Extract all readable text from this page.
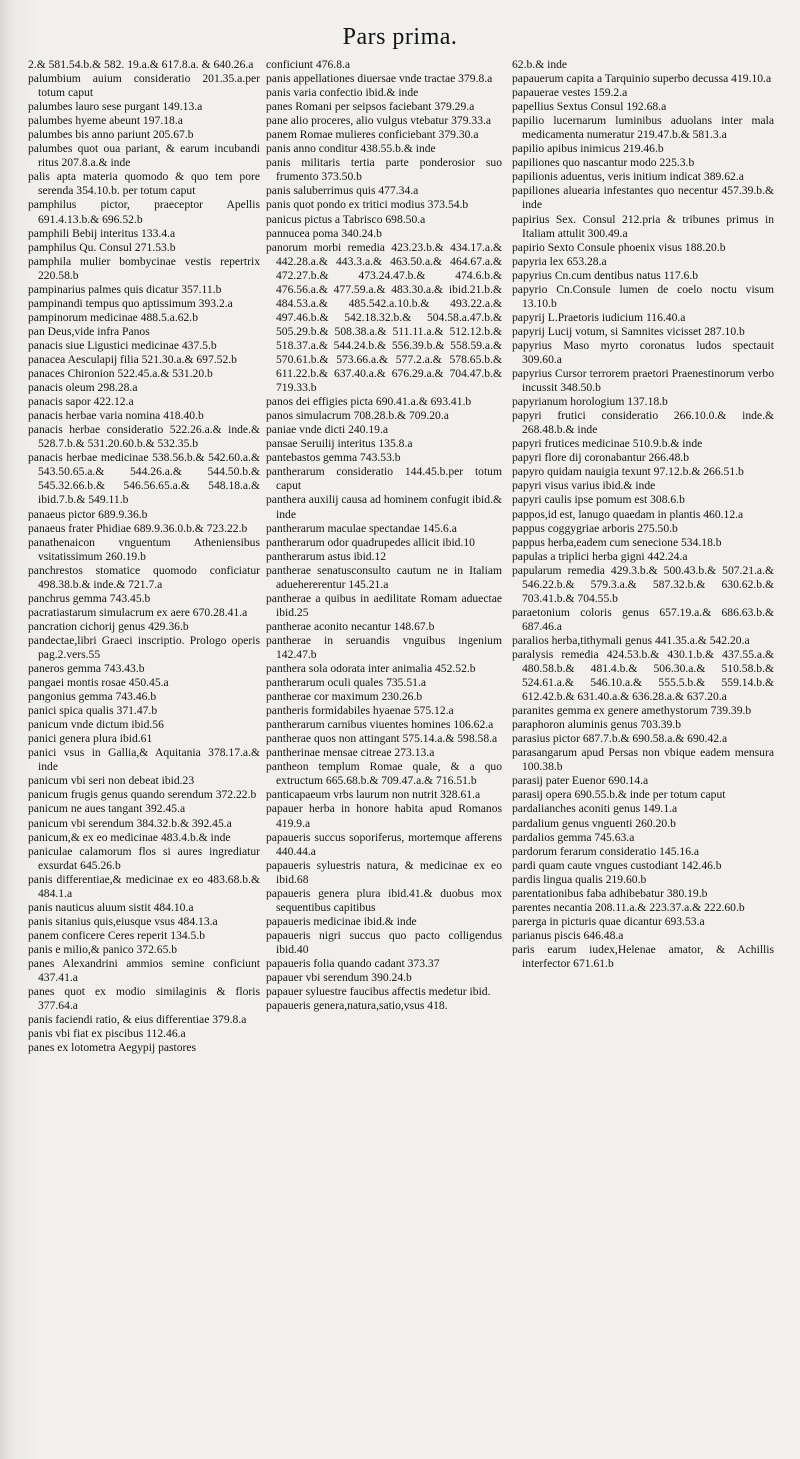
Pars prima.

2.& 581.54.b.& 582. 19.a.& 617.8.a. & 640.26.a

palumbium auium consideratio 201.35.a.per totum caput

palumbes lauro sese purgant 149.13.a

palumbes hyeme abeunt 197.18.a

palumbes bis anno pariunt 205.67.b

palumbes quot oua pariant, & earum incubandi ritus 207.8.a.& inde

palis apta materia quomodo & quo tem pore serenda 354.10.b. per totum caput

pamphilus pictor, praeceptor Apellis 691.4.13.b.& 696.52.b

pamphili Bebij interitus 133.4.a

pamphilus Qu. Consul 271.53.b

pamphila mulier bombycinae vestis repertrix 220.58.b

pampinarius palmes quis dicatur 357.11.b

pampinandi tempus quo aptissimum 393.2.a

pampinorum medicinae 488.5.a.62.b

pan Deus,vide infra Panos

panacis siue Ligustici medicinae 437.5.b

panacea Aesculapij filia 521.30.a.& 697.52.b

panaces Chironion 522.45.a.& 531.20.b

panacis oleum 298.28.a

panacis sapor 422.12.a

panacis herbae varia nomina 418.40.b

panacis herbae consideratio 522.26.a.& inde.& 528.7.b.& 531.20.60.b.& 532.35.b

panacis herbae medicinae 538.56.b.& 542.60.a.& 543.50.65.a.& 544.26.a.& 544.50.b.& 545.32.66.b.& 546.56.65.a.& 548.18.a.& ibid.7.b.& 549.11.b

panaeus pictor 689.9.36.b

panaeus frater Phidiae 689.9.36.0.b.& 723.22.b

panathenaicon vnguentum Atheniensibus vsitatissimum 260.19.b

panchrestos stomatice quomodo conficiatur 498.38.b.& inde.& 721.7.a

panchrus gemma 743.45.b

pacratiastarum simulacrum ex aere 670.28.41.a

pancration cichorij genus 429.36.b

pandectae,libri Graeci inscriptio. Prologo operis pag.2.vers.55

paneros gemma 743.43.b

pangaei montis rosae 450.45.a

pangonius gemma 743.46.b

panici spica qualis 371.47.b

panicum vnde dictum ibid.56

panici genera plura ibid.61

panici vsus in Gallia,& Aquitania 378.17.a.& inde

panicum vbi seri non debeat ibid.23

panicum frugis genus quando serendum 372.22.b

panicum ne aues tangant 392.45.a

panicum vbi serendum 384.32.b.& 392.45.a

panicum,& ex eo medicinae 483.4.b.& inde

paniculae calamorum flos si aures ingrediatur exsurdat 645.26.b

panis differentiae,& medicinae ex eo 483.68.b.& 484.1.a

panis nauticus aluum sistit 484.10.a

panis sitanius quis,eiusque vsus 484.13.a

panem conficere Ceres reperit 134.5.b

panis e milio,& panico 372.65.b

panes Alexandrini ammios semine conficiunt 437.41.a

panes quot ex modio similaginis & floris 377.64.a

panis faciendi ratio, & eius differentiae 379.8.a

panis vbi fiat ex piscibus 112.46.a

panes ex lotometra Aegypij pastores

conficiunt 476.8.a

panis appellationes diuersae vnde tractae 379.8.a

panis varia confectio ibid.& inde

panes Romani per seipsos faciebant 379.29.a

pane alio proceres, alio vulgus vtebatur 379.33.a

panem Romae mulieres conficiebant 379.30.a

panis anno conditur 438.55.b.& inde

panis militaris tertia parte ponderosior suo frumento 373.50.b

panis saluberrimus quis 477.34.a

panis quot pondo ex tritici modius 373.54.b

panicus pictus a Tabrisco 698.50.a

pannucea poma 340.24.b

panorum morbi remedia 423.23.b.& 434.17.a.& 442.28.a.& 443.3.a.& 463.50.a.& 464.67.a.& 472.27.b.& 473.24.47.b.& 474.6.b.& 476.56.a.& 477.59.a.& 483.30.a.& ibid.21.b.& 484.53.a.& 485.542.a.10.b.& 493.22.a.& 497.46.b.& 542.18.32.b.& 504.58.a.47.b.& 505.29.b.& 508.38.a.& 511.11.a.& 512.12.b.& 518.37.a.& 544.24.b.& 556.39.b.& 558.59.a.& 570.61.b.& 573.66.a.& 577.2.a.& 578.65.b.& 611.22.b.& 637.40.a.& 676.29.a.& 704.47.b.& 719.33.b

panos dei effigies picta 690.41.a.& 693.41.b

panos simulacrum 708.28.b.& 709.20.a

paniae vnde dicti 240.19.a

pansae Seruilij interitus 135.8.a

pantebastos gemma 743.53.b

pantherarum consideratio 144.45.b.per totum caput

panthera auxilij causa ad hominem confugit ibid.& inde

pantherarum maculae spectandae 145.6.a

pantherarum odor quadrupedes allicit ibid.10

pantherarum astus ibid.12

pantherae senatusconsulto cautum ne in Italiam aduehererentur 145.21.a

pantherae a quibus in aedilitate Romam aduectae ibid.25

pantherae aconito necantur 148.67.b

pantherae in seruandis vnguibus ingenium 142.47.b

panthera sola odorata inter animalia 452.52.b

pantherarum oculi quales 735.51.a

pantherae cor maximum 230.26.b

pantheris formidabiles hyaenae 575.12.a

pantherarum carnibus viuentes homines 106.62.a

pantherae quos non attingant 575.14.a.& 598.58.a

pantherinae mensae citreae 273.13.a

pantheon templum Romae quale, & a quo extructum 665.68.b.& 709.47.a.& 716.51.b

panticapaeum vrbs laurum non nutrit 328.61.a

papauer herba in honore habita apud Romanos 419.9.a

papaueris succus soporiferus, mortemque afferens 440.44.a

papaueris syluestris natura, & medicinae ex eo ibid.68

papaueris genera plura ibid.41.& duobus mox sequentibus capitibus

papaueris medicinae ibid.& inde

papaueris nigri succus quo pacto colligendus ibid.40

papaueris folia quando cadant 373.37

papauer vbi serendum 390.24.b

papauer syluestre faucibus affectis medetur ibid.

papaueris genera,natura,satio,vsus 418.

62.b.& inde

papauerum capita a Tarquinio superbo decussa 419.10.a

papauerae vestes 159.2.a

papellius Sextus Consul 192.68.a

papilio lucernarum luminibus aduolans inter mala medicamenta numeratur 219.47.b.& 581.3.a

papilio apibus inimicus 219.46.b

papiliones quo nascantur modo 225.3.b

papilionis aduentus, veris initium indicat 389.62.a

papiliones aluearia infestantes quo necentur 457.39.b.& inde

papirius Sex. Consul 212.pria & tribunes primus in Italiam attulit 300.49.a

papirio Sexto Consule phoenix visus 188.20.b

papyria lex 653.28.a

papyrius Cn.cum dentibus natus 117.6.b

papyrio Cn.Consule lumen de coelo noctu visum 13.10.b

papyrij L.Praetoris iudicium 116.40.a

papyrij Lucij votum, si Samnites vicisset 287.10.b

papyrius Maso myrto coronatus ludos spectauit 309.60.a

papyrius Cursor terrorem praetori Praenestinorum verbo incussit 348.50.b

papyrianum horologium 137.18.b

papyri frutici consideratio 266.10.0.& inde.& 268.48.b.& inde

papyri frutices medicinae 510.9.b.& inde

papyri flore dij coronabantur 266.48.b

papyro quidam nauigia texunt 97.12.b.& 266.51.b

papyri visus varius ibid.& inde

papyri caulis ipse pomum est 308.6.b

pappos,id est, lanugo quaedam in plantis 460.12.a

pappus coggygriae arboris 275.50.b

pappus herba,eadem cum senecione 534.18.b

papulas a triplici herba gigni 442.24.a

papularum remedia 429.3.b.& 500.43.b.& 507.21.a.& 546.22.b.& 579.3.a.& 587.32.b.& 630.62.b.& 703.41.b.& 704.55.b

paraetonium coloris genus 657.19.a.& 686.63.b.& 687.46.a

paralios herba,tithymali genus 441.35.a.& 542.20.a

paralysis remedia 424.53.b.& 430.1.b.& 437.55.a.& 480.58.b.& 481.4.b.& 506.30.a.& 510.58.b.& 524.61.a.& 546.10.a.& 555.5.b.& 559.14.b.& 612.42.b.& 631.40.a.& 636.28.a.& 637.20.a

paranites gemma ex genere amethystorum 739.39.b

paraphoron aluminis genus 703.39.b

parasius pictor 687.7.b.& 690.58.a.& 690.42.a

parasangarum apud Persas non vbique eadem mensura 100.38.b

parasij pater Euenor 690.14.a

parasij opera 690.55.b.& inde per totum caput

pardalianches aconiti genus 149.1.a

pardalium genus vnguenti 260.20.b

pardalios gemma 745.63.a

pardorum ferarum consideratio 145.16.a

pardi quam caute vngues custodiant 142.46.b

pardis lingua qualis 219.60.b

parentationibus faba adhibebatur 380.19.b

parentes necantia 208.11.a.& 223.37.a.& 222.60.b

parerga in picturis quae dicantur 693.53.a

parianus piscis 646.48.a

paris earum iudex,Helenae amator, & Achillis interfector 671.61.b
